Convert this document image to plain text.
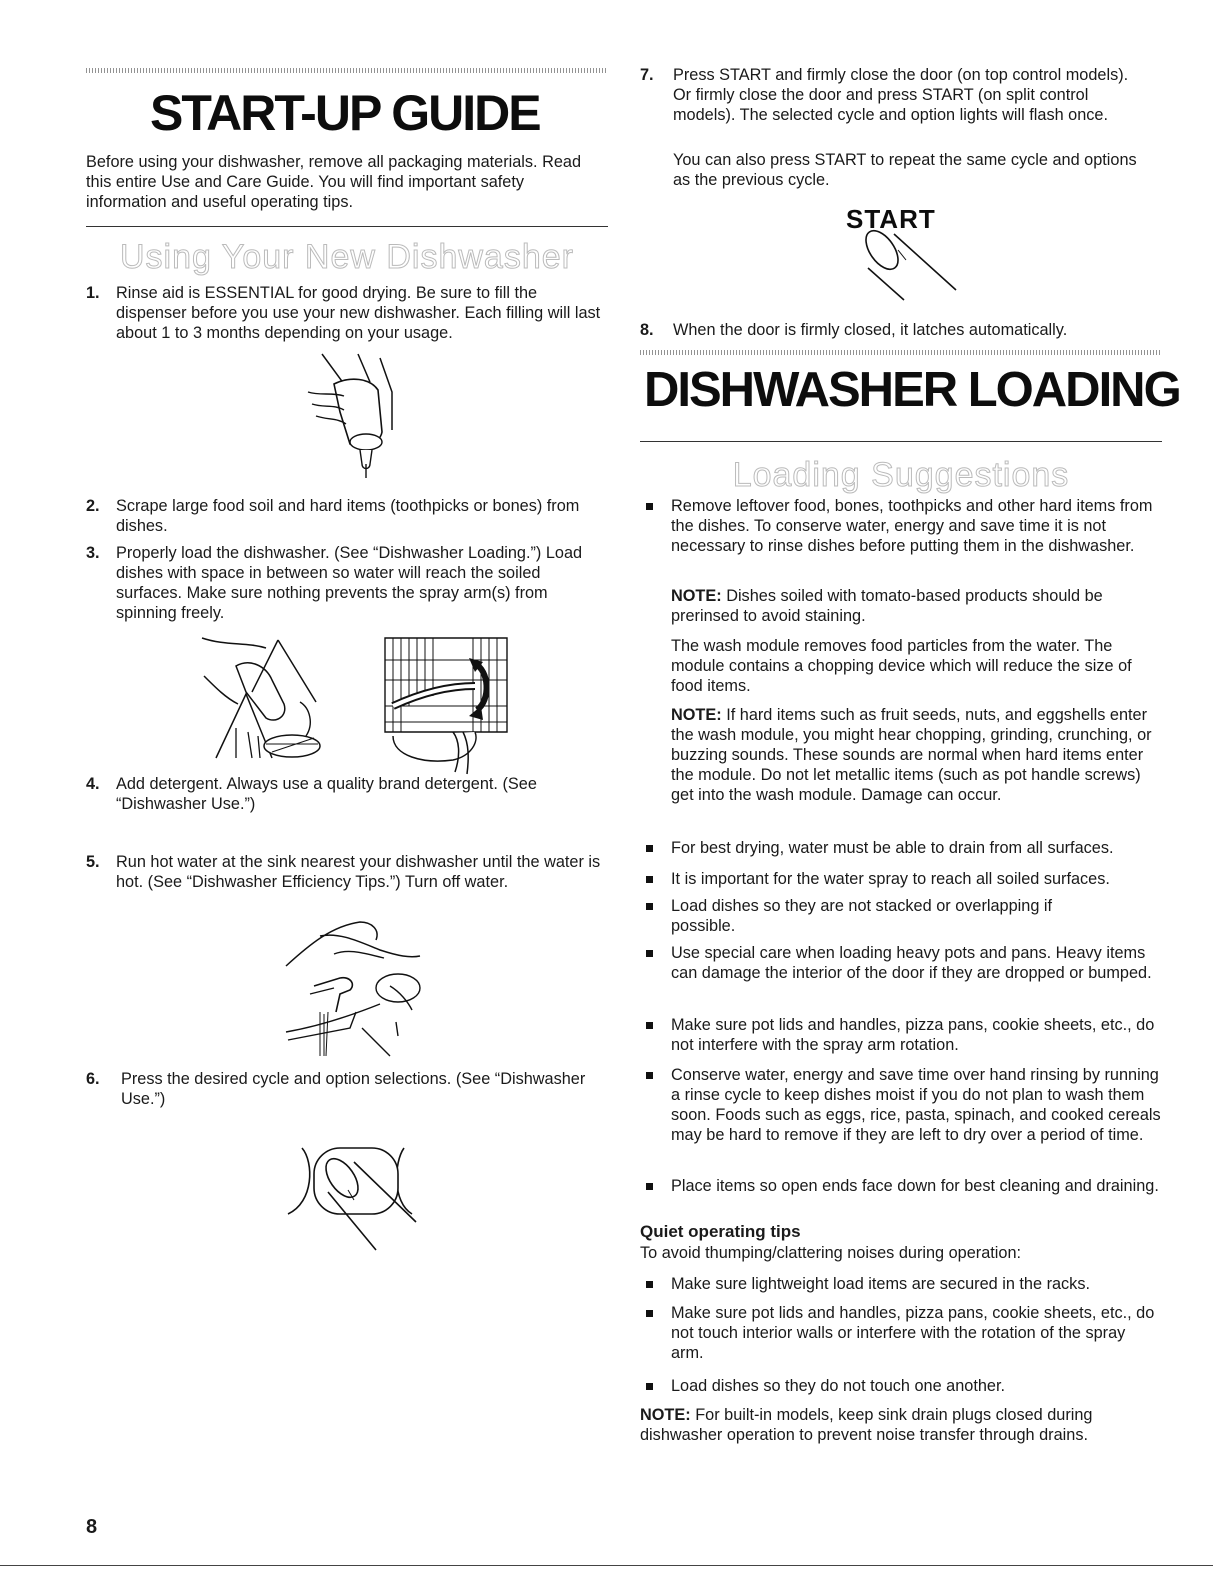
START-UP GUIDE

Before using your dishwasher, remove all packaging materials. Read this entire Use and Care Guide. You will find important safety information and useful operating tips.

Using Your New Dishwasher
1. Rinse aid is ESSENTIAL for good drying. Be sure to fill the dispenser before you use your new dishwasher. Each filling will last about 1 to 3 months depending on your usage.

2. Scrape large food soil and hard items (toothpicks or bones) from dishes.

3. Properly load the dishwasher. (See “Dishwasher Loading.”) Load dishes with space in between so water will reach the soiled surfaces. Make sure nothing prevents the spray arm(s) from spinning freely.

4. Add detergent. Always use a quality brand detergent. (See “Dishwasher Use.”)

5. Run hot water at the sink nearest your dishwasher until the water is hot. (See “Dishwasher Efficiency Tips.”) Turn off water.

6. Press the desired cycle and option selections. (See “Dishwasher Use.”)

8
7. Press START and firmly close the door (on top control models). Or firmly close the door and press START (on split control models). The selected cycle and option lights will flash once.

You can also press START to repeat the same cycle and options as the previous cycle.

START
8. When the door is firmly closed, it latches automatically.

DISHWASHER LOADING
Loading Suggestions

Remove leftover food, bones, toothpicks and other hard items from the dishes. To conserve water, energy and save time it is not necessary to rinse dishes before putting them in the dishwasher.

NOTE: Dishes soiled with tomato-based products should be prerinsed to avoid staining.

The wash module removes food particles from the water. The module contains a chopping device which will reduce the size of food items.

NOTE: If hard items such as fruit seeds, nuts, and eggshells enter the wash module, you might hear chopping, grinding, crunching, or buzzing sounds. These sounds are normal when hard items enter the module. Do not let metallic items (such as pot handle screws) get into the wash module. Damage can occur.

For best drying, water must be able to drain from all surfaces.

It is important for the water spray to reach all soiled surfaces.

Load dishes so they are not stacked or overlapping if possible.

Use special care when loading heavy pots and pans. Heavy items can damage the interior of the door if they are dropped or bumped.

Make sure pot lids and handles, pizza pans, cookie sheets, etc., do not interfere with the spray arm rotation.

Conserve water, energy and save time over hand rinsing by running a rinse cycle to keep dishes moist if you do not plan to wash them soon. Foods such as eggs, rice, pasta, spinach, and cooked cereals may be hard to remove if they are left to dry over a period of time.

Place items so open ends face down for best cleaning and draining.

Quiet operating tips

To avoid thumping/clattering noises during operation:

Make sure lightweight load items are secured in the racks.

Make sure pot lids and handles, pizza pans, cookie sheets, etc., do not touch interior walls or interfere with the rotation of the spray arm.

Load dishes so they do not touch one another.

NOTE: For built-in models, keep sink drain plugs closed during dishwasher operation to prevent noise transfer through drains.
